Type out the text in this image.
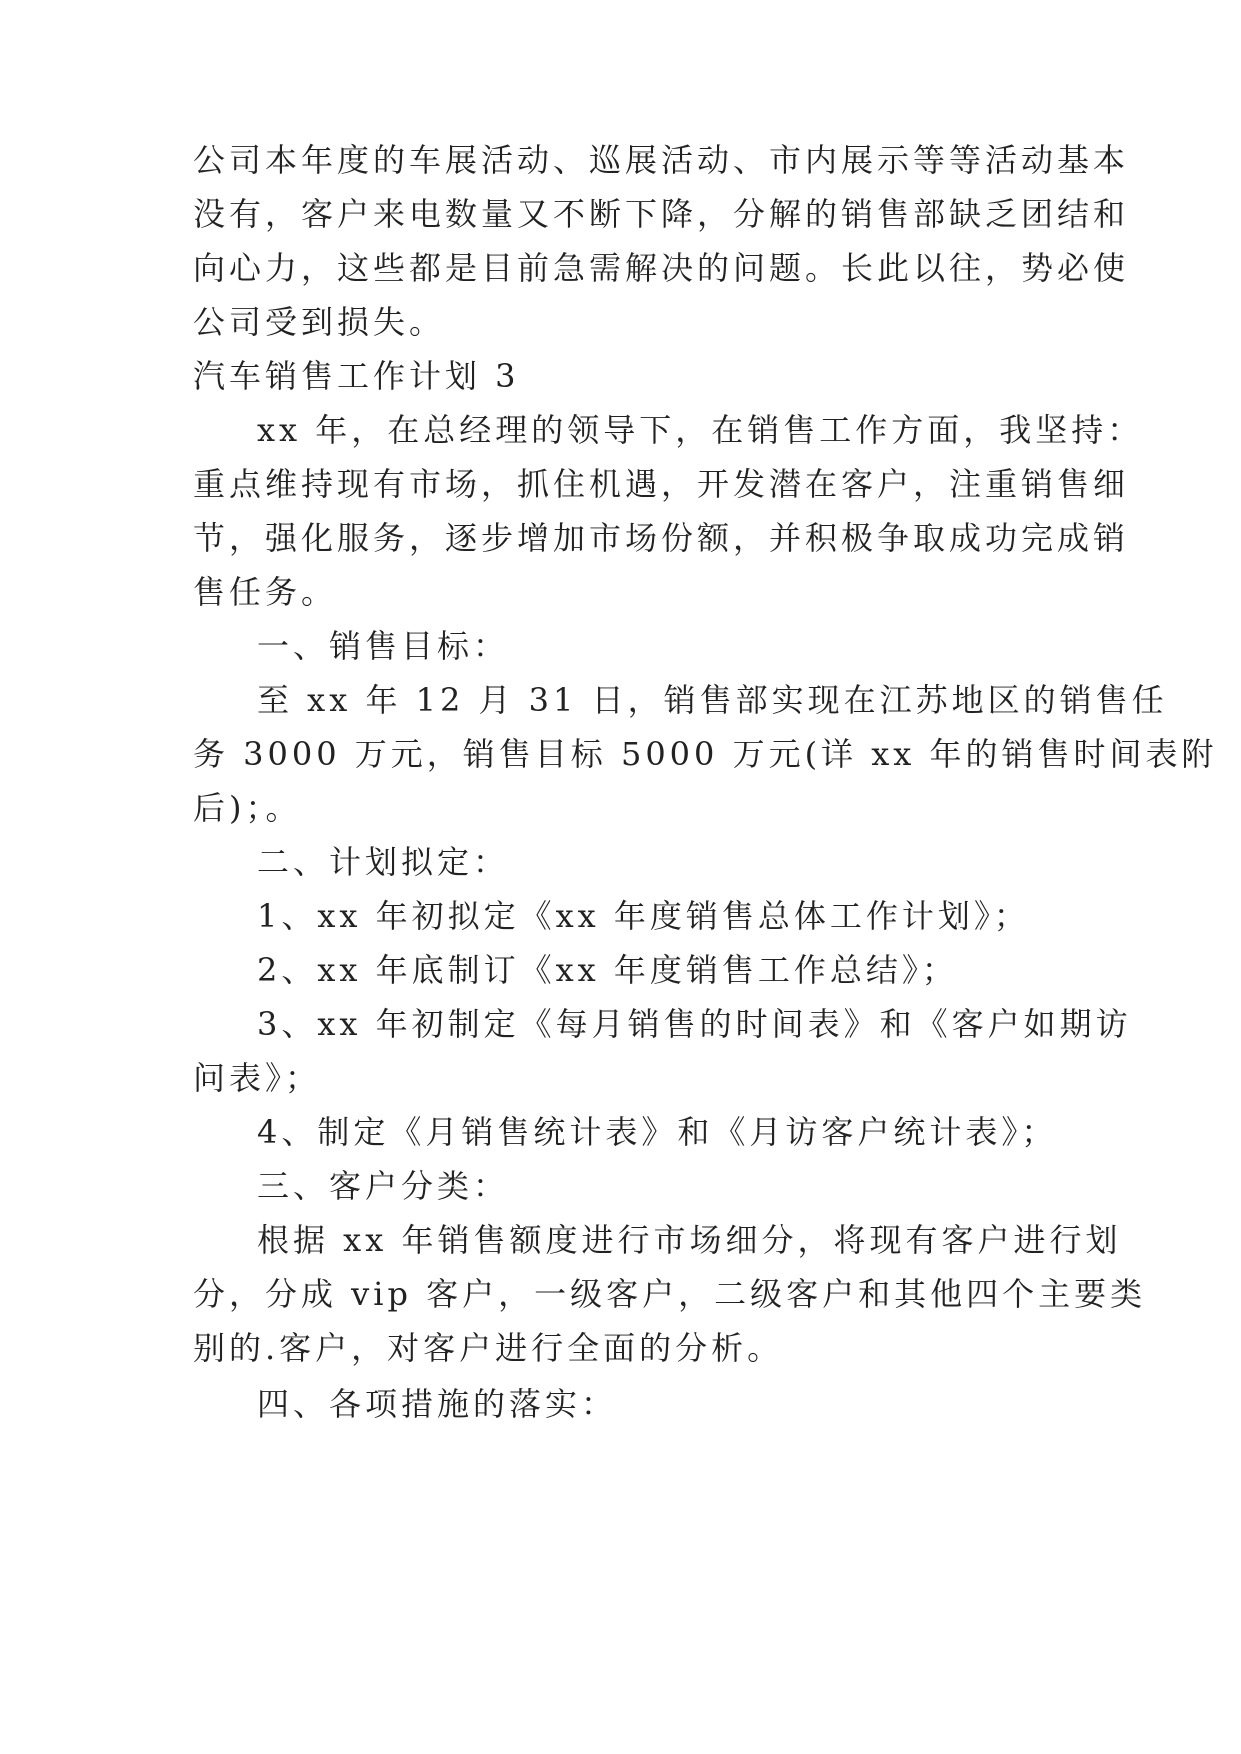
公司本年度的车展活动、巡展活动、市内展示等等活动基本
没有，客户来电数量又不断下降，分解的销售部缺乏团结和
向心力，这些都是目前急需解决的问题。长此以往，势必使
公司受到损失。
汽车销售工作计划 3
xx 年，在总经理的领导下，在销售工作方面，我坚持：
重点维持现有市场，抓住机遇，开发潜在客户，注重销售细
节，强化服务，逐步增加市场份额，并积极争取成功完成销
售任务。
一、销售目标：
至 xx 年 12 月 31 日，销售部实现在江苏地区的销售任
务 3000 万元，销售目标 5000 万元(详 xx 年的销售时间表附
后)；。
二、计划拟定：
1、xx 年初拟定《xx 年度销售总体工作计划》；
2、xx 年底制订《xx 年度销售工作总结》；
3、xx 年初制定《每月销售的时间表》和《客户如期访
问表》；
4、制定《月销售统计表》和《月访客户统计表》；
三、客户分类：
根据 xx 年销售额度进行市场细分，将现有客户进行划
分，分成 vip 客户，一级客户，二级客户和其他四个主要类
别的.客户，对客户进行全面的分析。
四、各项措施的落实：
